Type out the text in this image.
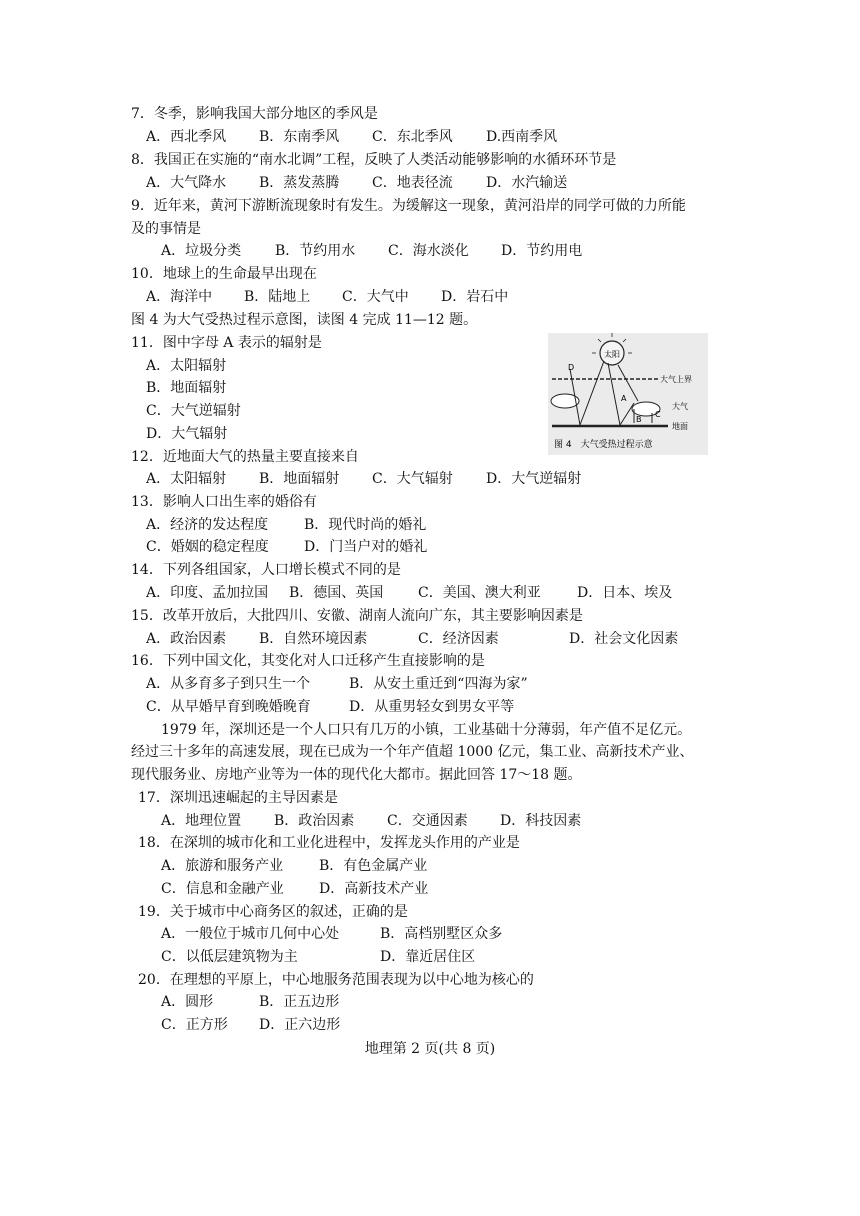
7．冬季，影响我国大部分地区的季风是
A．西北季风 B．东南季风 C．东北季风 D.西南季风
8．我国正在实施的“南水北调”工程，反映了人类活动能够影响的水循环环节是
A．大气降水 B．蒸发蒸腾 C．地表径流 D．水汽输送
9．近年来，黄河下游断流现象时有发生。为缓解这一现象，黄河沿岸的同学可做的力所能
及的事情是
A．垃圾分类 B．节约用水 C．海水淡化 D．节约用电
10．地球上的生命最早出现在
A．海洋中 B．陆地上 C．大气中 D．岩石中
图 4 为大气受热过程示意图，读图 4 完成 11—12 题。
11．图中字母 A 表示的辐射是
A．太阳辐射
B．地面辐射
C．大气逆辐射
D．大气辐射
太阳
大气上界
地面
大气
D
A
B
C
图 4　大气受热过程示意
12．近地面大气的热量主要直接来自
A．太阳辐射 B．地面辐射 C．大气辐射 D．大气逆辐射
13．影响人口出生率的婚俗有
A．经济的发达程度	B．现代时尚的婚礼
C．婚姻的稳定程度	D．门当户对的婚礼
14．下列各组国家，人口增长模式不同的是
A．印度、孟加拉国 B．德国、英国 C．美国、澳大利亚	D．日本、埃及
15．改革开放后，大批四川、安徽、湖南人流向广东，其主要影响因素是
A．政治因素 B．自然环境因素	C．经济因素	D．社会文化因素
16．下列中国文化，其变化对人口迁移产生直接影响的是
A．从多育多子到只生一个	B．从安土重迁到“四海为家”
C．从早婚早育到晚婚晚育	D．从重男轻女到男女平等
1979 年，深圳还是一个人口只有几万的小镇，工业基础十分薄弱，年产值不足亿元。
经过三十多年的高速发展，现在已成为一个年产值超 1000 亿元，集工业、高新技术产业、
现代服务业、房地产业等为一体的现代化大都市。据此回答 17～18 题。
17．深圳迅速崛起的主导因素是
A．地理位置 B．政治因素 C．交通因素 D．科技因素
18．在深圳的城市化和工业化进程中，发挥龙头作用的产业是
A．旅游和服务产业	B．有色金属产业
C．信息和金融产业	D．高新技术产业
19．关于城市中心商务区的叙述，正确的是
A．一般位于城市几何中心处	B．高档别墅区众多
C．以低层建筑物为主	D．靠近居住区
20．在理想的平原上，中心地服务范围表现为以中心地为核心的
A．圆形	B．正五边形
C．正方形 D．正六边形
地理第 2 页(共 8 页)
